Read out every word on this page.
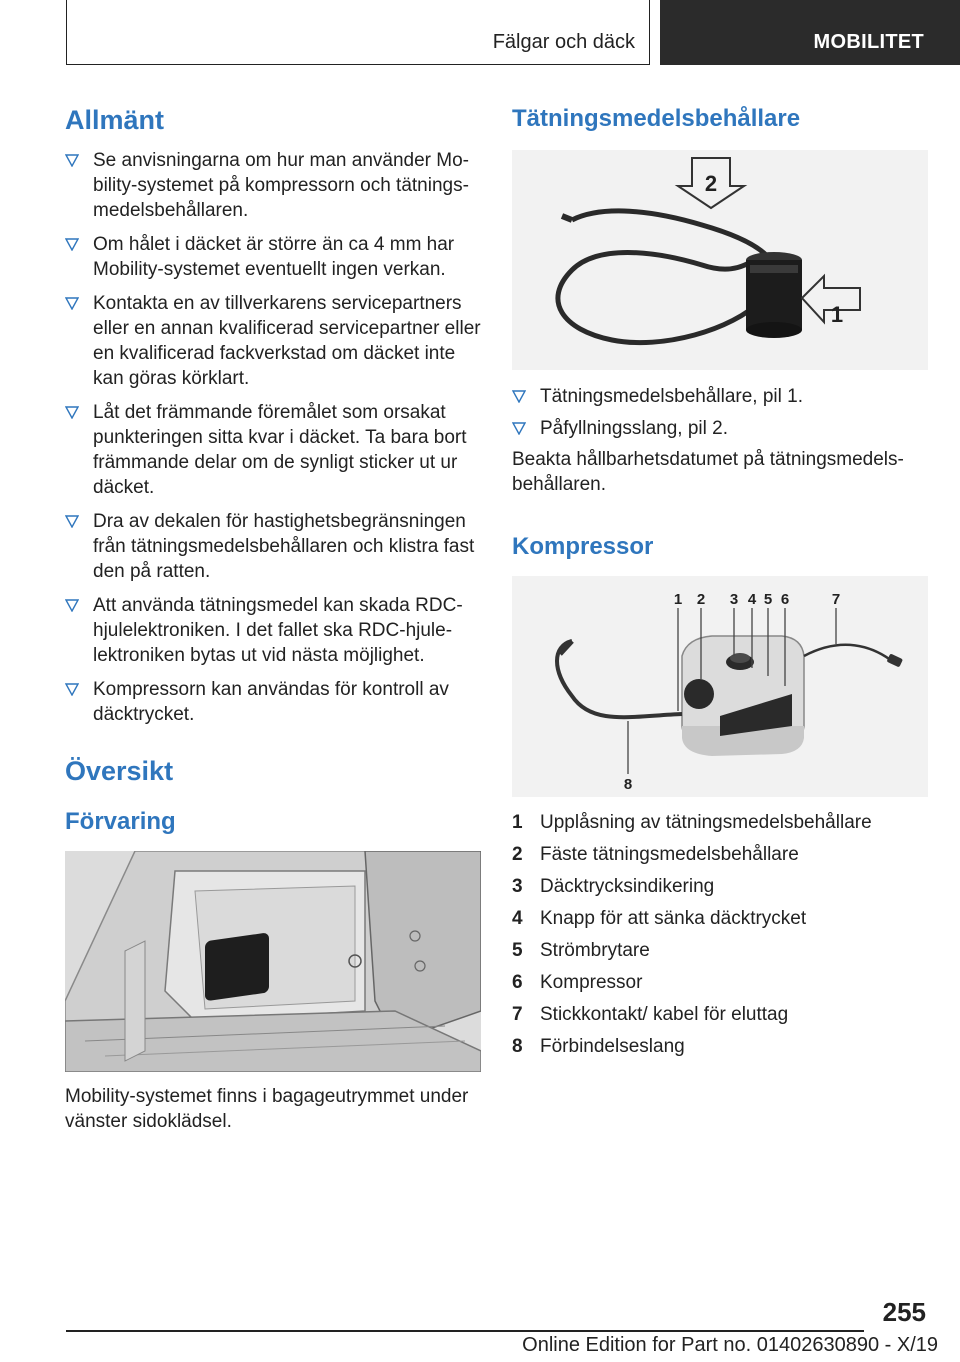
Fälgar och däck	MOBILITET
Allmänt
Se anvisningarna om hur man använder Mo-
bility-systemet på kompressorn och tätnings-
medelsbehållaren.
Om hålet i däcket är större än ca 4 mm har
Mobility-systemet eventuellt ingen verkan.
Kontakta en av tillverkarens servicepartners
eller en annan kvalificerad servicepartner eller
en kvalificerad fackverkstad om däcket inte
kan göras körklart.
Låt det främmande föremålet som orsakat
punkteringen sitta kvar i däcket. Ta bara bort
främmande delar om de synligt sticker ut ur
däcket.
Dra av dekalen för hastighetsbegränsningen
från tätningsmedelsbehållaren och klistra fast
den på ratten.
Att använda tätningsmedel kan skada RDC-
hjulelektroniken. I det fallet ska RDC-hjule-
lektroniken bytas ut vid nästa möjlighet.
Kompressorn kan användas för kontroll av
däcktrycket.
Översikt
Förvaring

Mobility-systemet finns i bagageutrymmet under
vänster sidoklädsel.

Tätningsmedelsbehållare
2
1
Tätningsmedelsbehållare, pil 1.
Påfyllningsslang, pil 2.

Beakta hållbarhetsdatumet på tätningsmedels-
behållaren.

Kompressor
1 2 3 4 5 6	7
8
1 Upplåsning av tätningsmedelsbehållare
2 Fäste tätningsmedelsbehållare
3 Däcktrycksindikering
4 Knapp för att sänka däcktrycket
5 Strömbrytare
6 Kompressor
7 Stickkontakt/ kabel för eluttag
8 Förbindelseslang
255
Online Edition for Part no. 01402630890 - X/19
